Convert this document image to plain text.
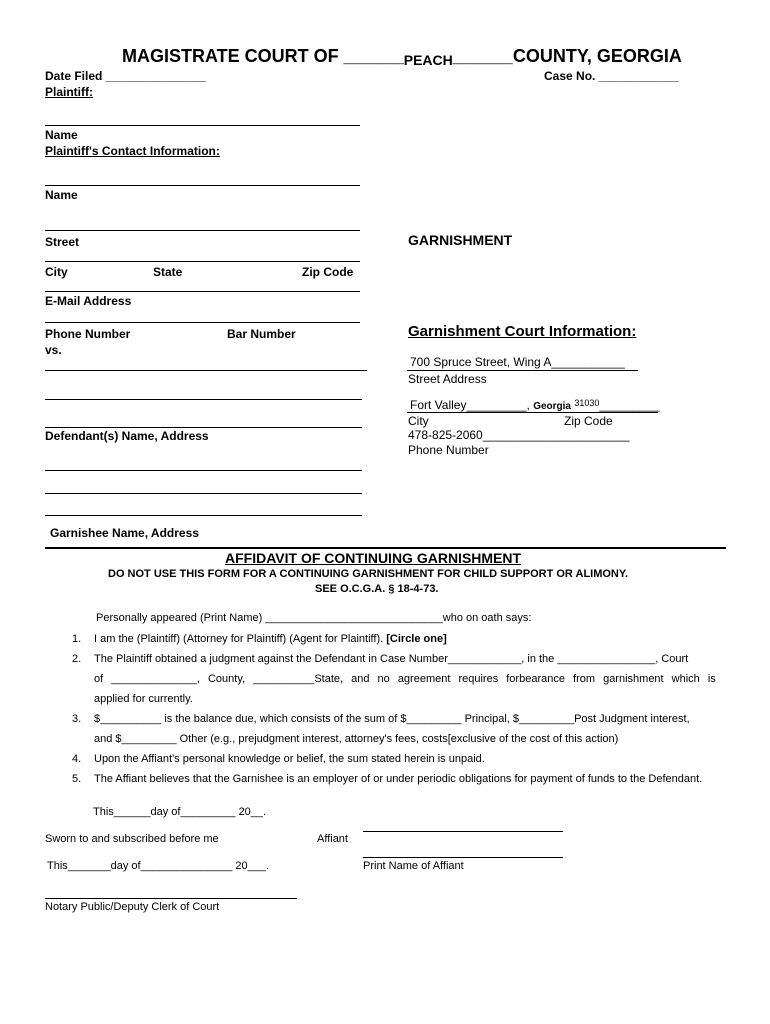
MAGISTRATE COURT OF ______PEACH______COUNTY, GEORGIA
Date Filed _______________	Case No. ____________
Plaintiff:
Name
Plaintiff's Contact Information:
Name
Street
City	State	Zip Code
E-Mail Address
Phone Number	Bar Number
vs.
Defendant(s) Name, Address
Garnishee Name, Address
GARNISHMENT
Garnishment Court Information:
700 Spruce Street, Wing A___________
Street Address
Fort Valley_________, Georgia $^{31030}$_________
City	Zip Code
478-825-2060______________________
Phone Number
AFFIDAVIT OF CONTINUING GARNISHMENT
DO NOT USE THIS FORM FOR A CONTINUING GARNISHMENT FOR CHILD SUPPORT OR ALIMONY.
SEE O.C.G.A. § 18-4-73.
Personally appeared (Print Name) _____________________________who on oath says:
1. I am the (Plaintiff) (Attorney for Plaintiff) (Agent for Plaintiff). [Circle one]
2. The Plaintiff obtained a judgment against the Defendant in Case Number____________, in the ________________, Court
of ______________, County, __________State, and no agreement requires forbearance from garnishment which is
applied for currently.
3. $__________ is the balance due, which consists of the sum of $_________ Principal, $_________Post Judgment interest,
and $_________ Other (e.g., prejudgment interest, attorney's fees, costs[exclusive of the cost of this action)
4. Upon the Affiant's personal knowledge or belief, the sum stated herein is unpaid.
5. The Affiant believes that the Garnishee is an employer of or under periodic obligations for payment of funds to the Defendant.
This______day of_________ 20__.
Sworn to and subscribed before me	Affiant
This_______day of_______________ 20___.	Print Name of Affiant
Notary Public/Deputy Clerk of Court
